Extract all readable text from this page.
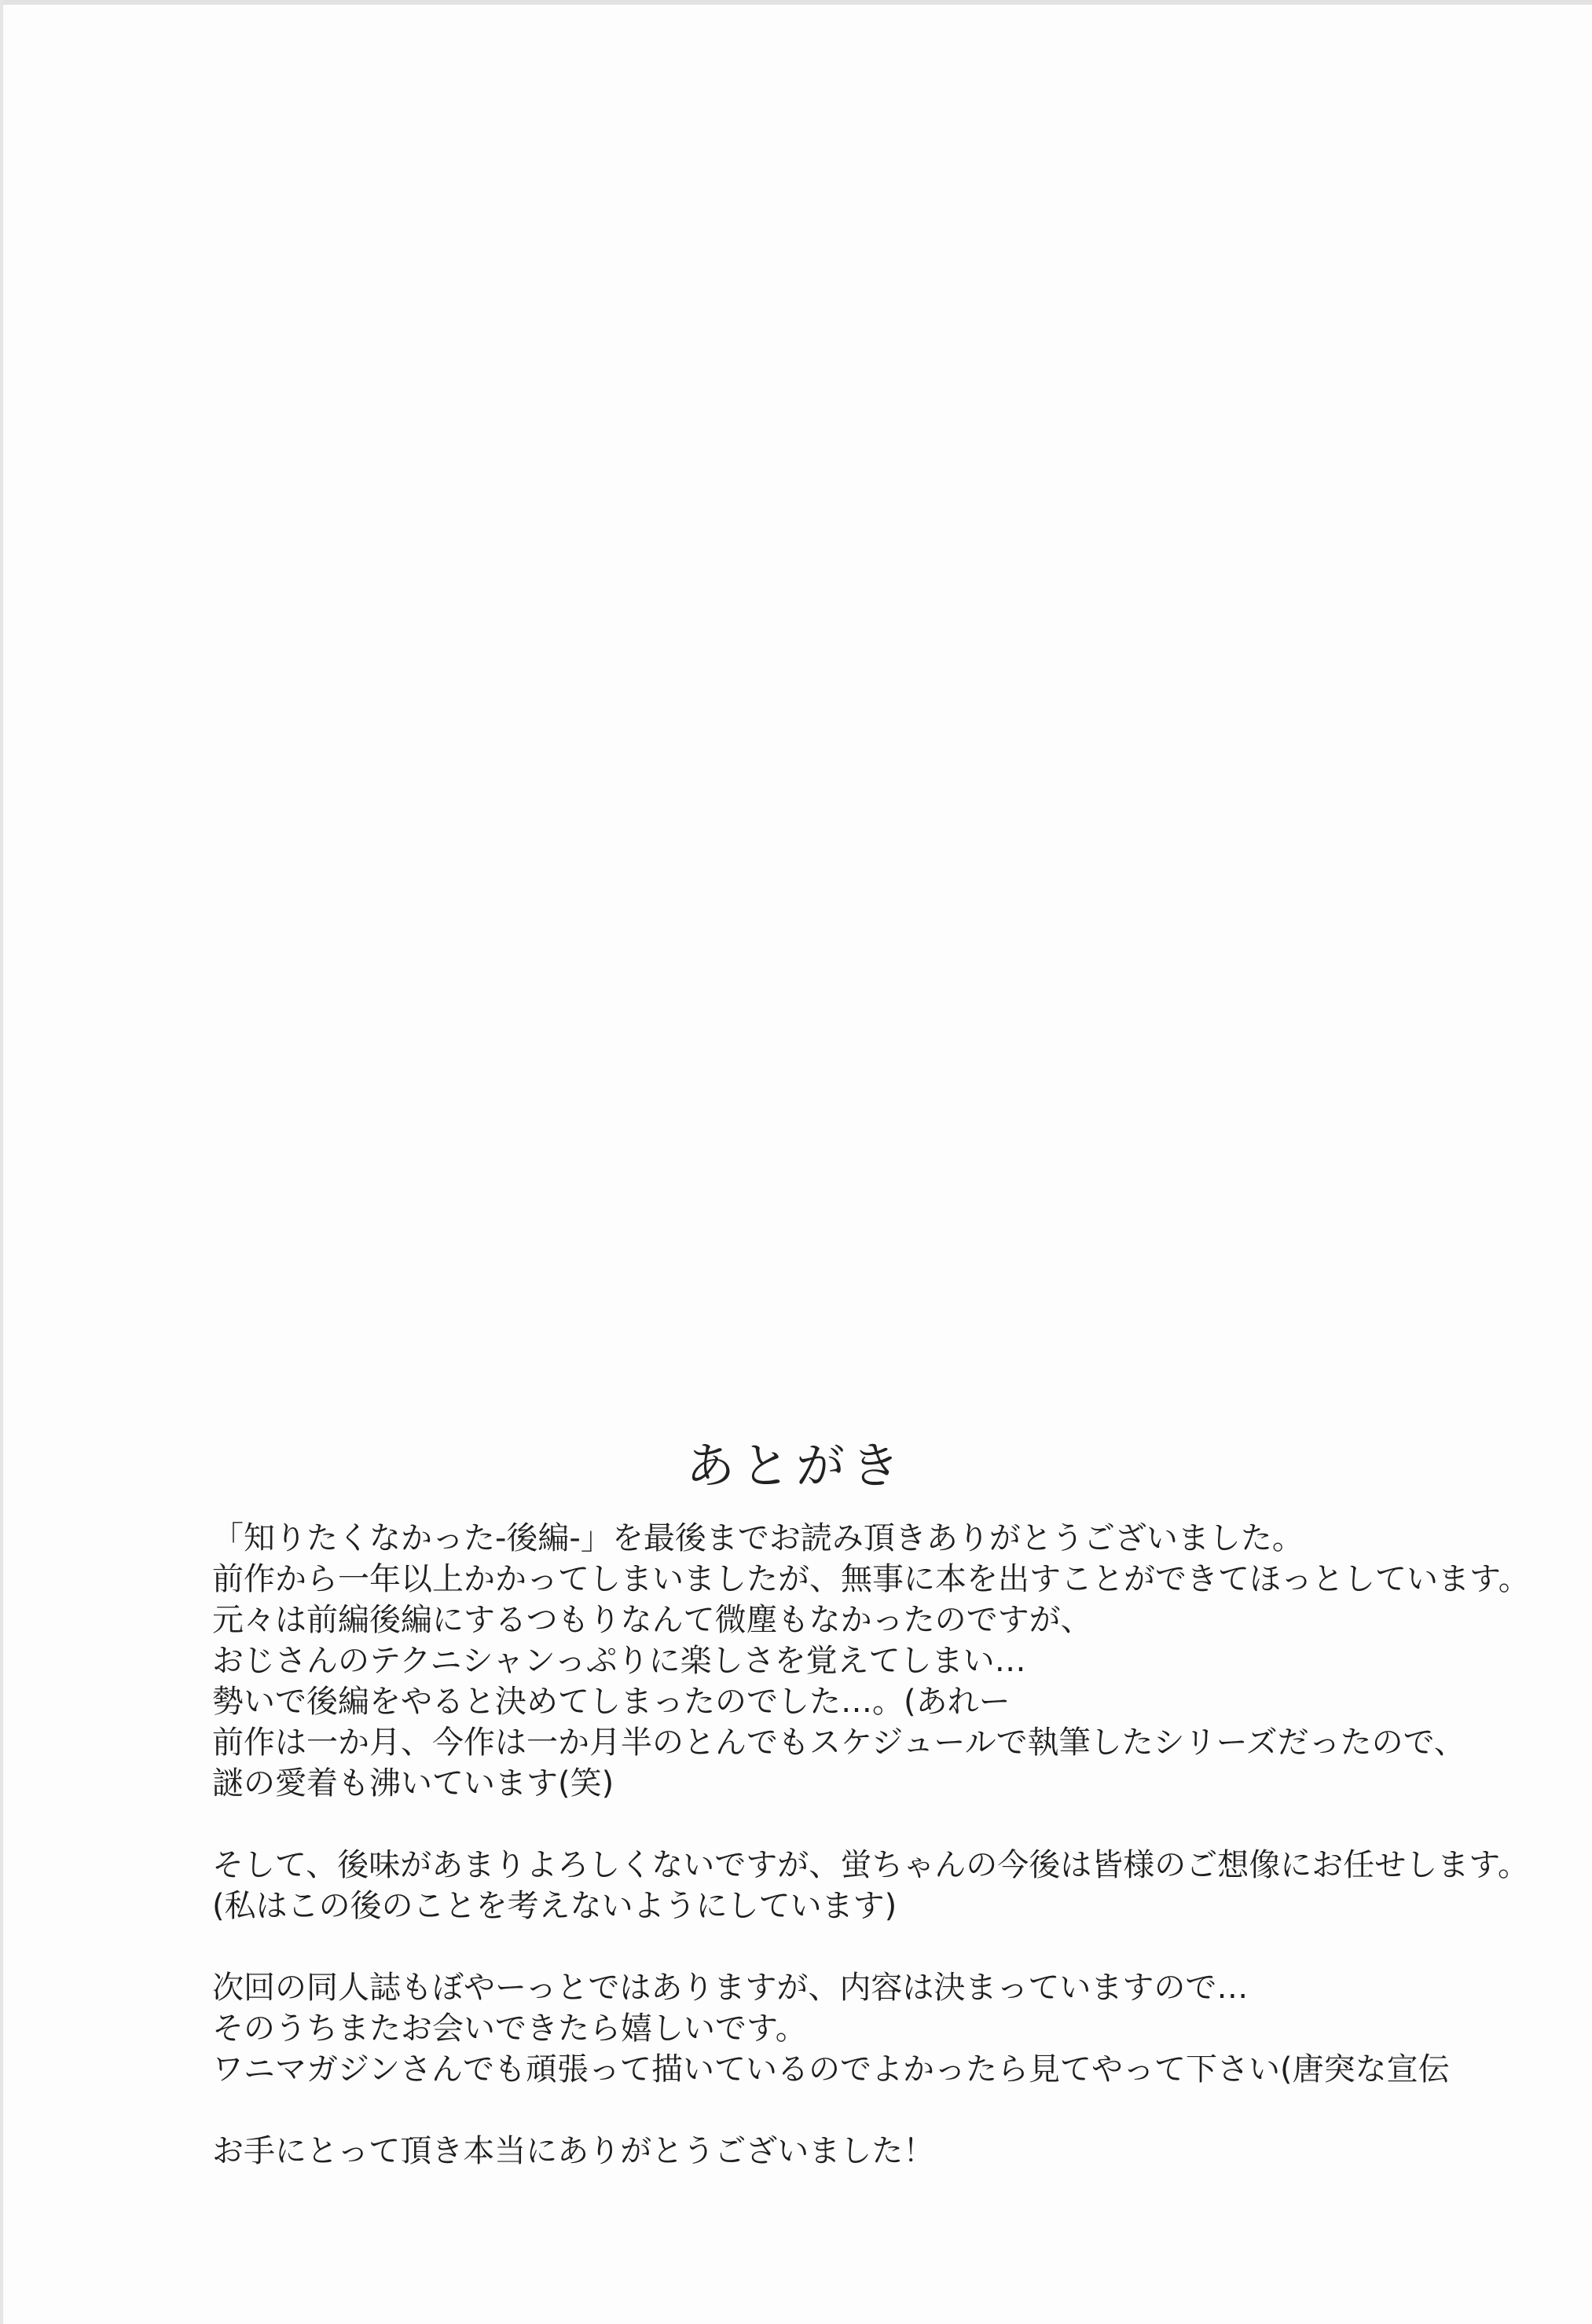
あとがき
「知りたくなかった-後編-」を最後までお読み頂きありがとうございました。
前作から一年以上かかってしまいましたが、無事に本を出すことができてほっとしています。
元々は前編後編にするつもりなんて微塵もなかったのですが、
おじさんのテクニシャンっぷりに楽しさを覚えてしまい…
勢いで後編をやると決めてしまったのでした…。(あれー
前作は一か月、今作は一か月半のとんでもスケジュールで執筆したシリーズだったので、
謎の愛着も沸いています(笑)
そして、後味があまりよろしくないですが、蛍ちゃんの今後は皆様のご想像にお任せします。
(私はこの後のことを考えないようにしています)
次回の同人誌もぼやーっとではありますが、内容は決まっていますので…
そのうちまたお会いできたら嬉しいです。
ワニマガジンさんでも頑張って描いているのでよかったら見てやって下さい(唐突な宣伝
お手にとって頂き本当にありがとうございました！
